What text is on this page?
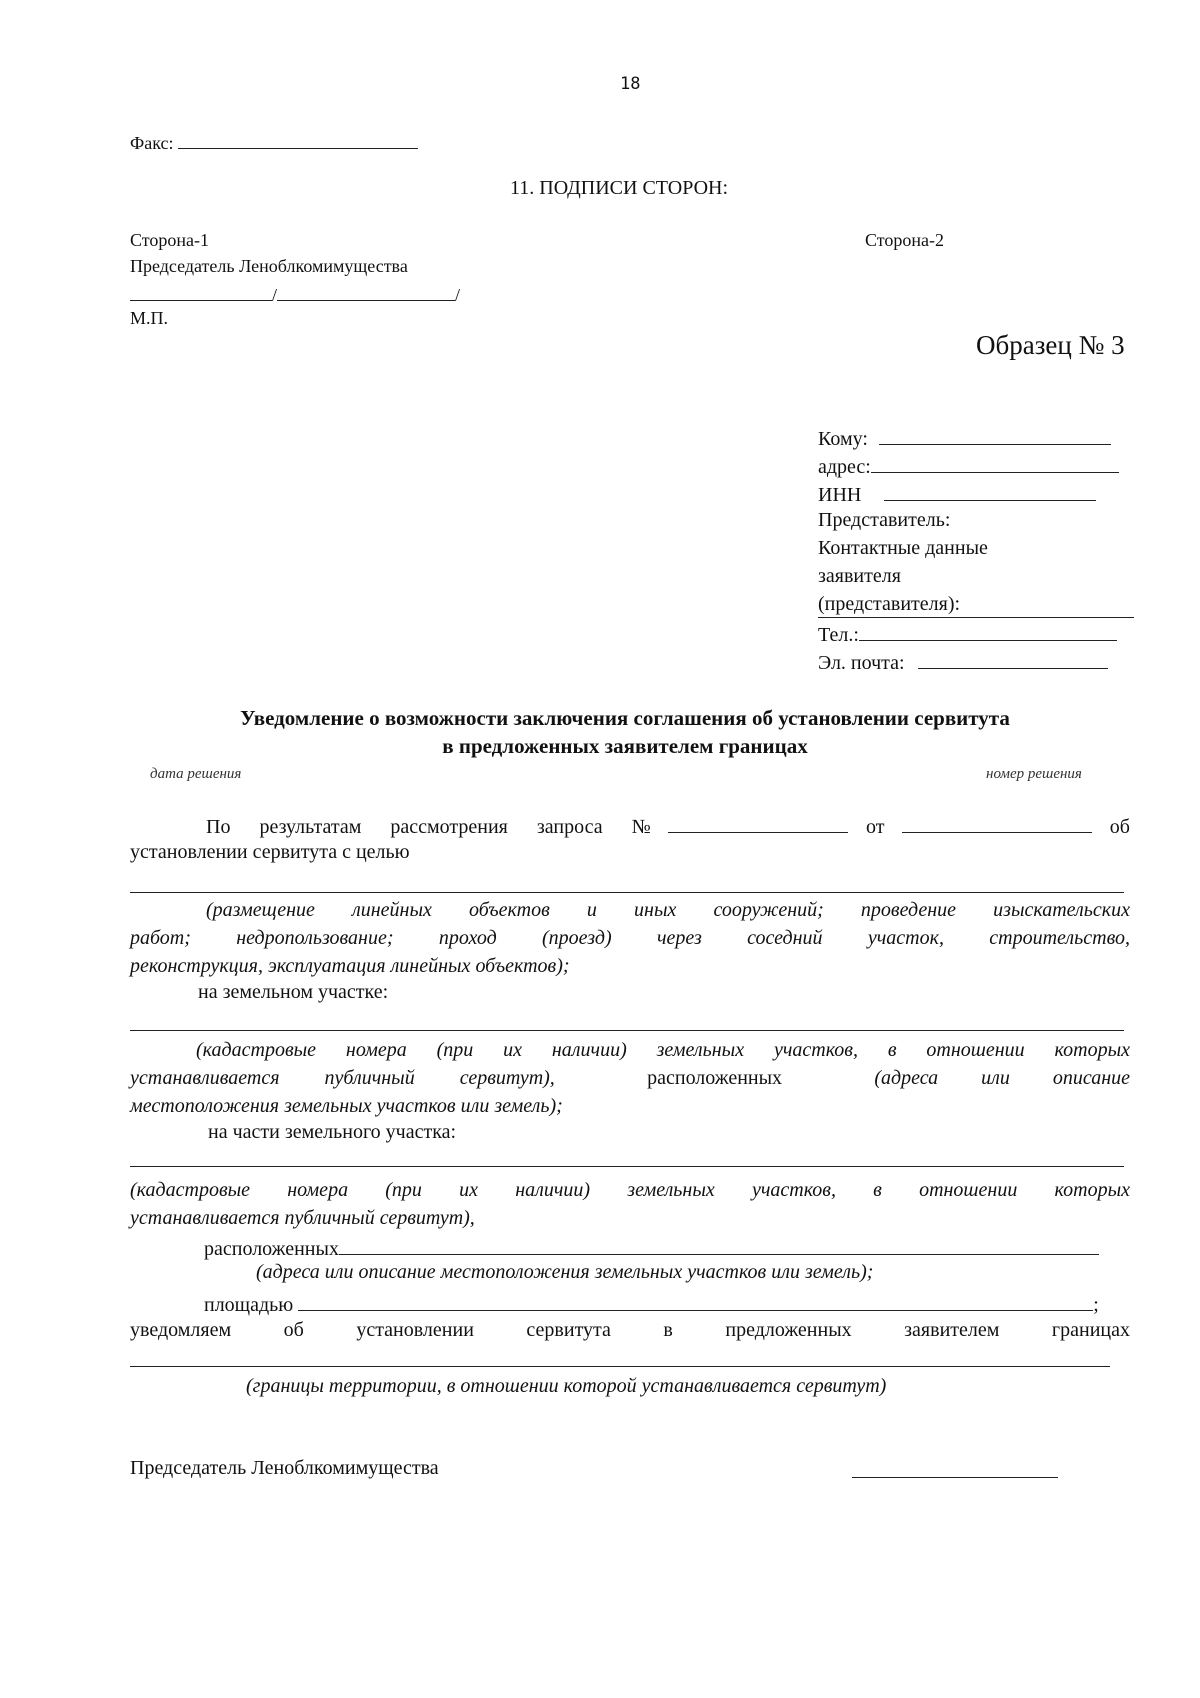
18
Факс:
11. ПОДПИСИ СТОРОН:
Сторона-1
Председатель Леноблкомимущества
/	/
М.П.
Сторона-2
Образец № 3
Кому:
адрес:
ИНН
Представитель:
Контактные данные
заявителя
(представителя):
Тел.:
Эл. почта:
Уведомление о возможности заключения соглашения об установлении сервитута
в предложенных заявителем границах
дата решения	номер решения
По результатам рассмотрения запроса №	от	об
установлении сервитута с целью
(размещение линейных объектов и иных сооружений; проведение изыскательских
работ; недропользование; проход (проезд) через соседний участок, строительство,
реконструкция, эксплуатация линейных объектов);
на земельном участке:
(кадастровые номера (при их наличии) земельных участков, в отношении которых
устанавливается публичный сервитут),	расположенных	(адреса или описание
местоположения земельных участков или земель);
на части земельного участка:
(кадастровые номера (при их наличии) земельных участков, в отношении которых
устанавливается публичный сервитут),
расположенных
(адреса или описание местоположения земельных участков или земель);
площадью	;
уведомляем об установлении сервитута в предложенных заявителем границах
(границы территории, в отношении которой устанавливается сервитут)
Председатель Леноблкомимущества
